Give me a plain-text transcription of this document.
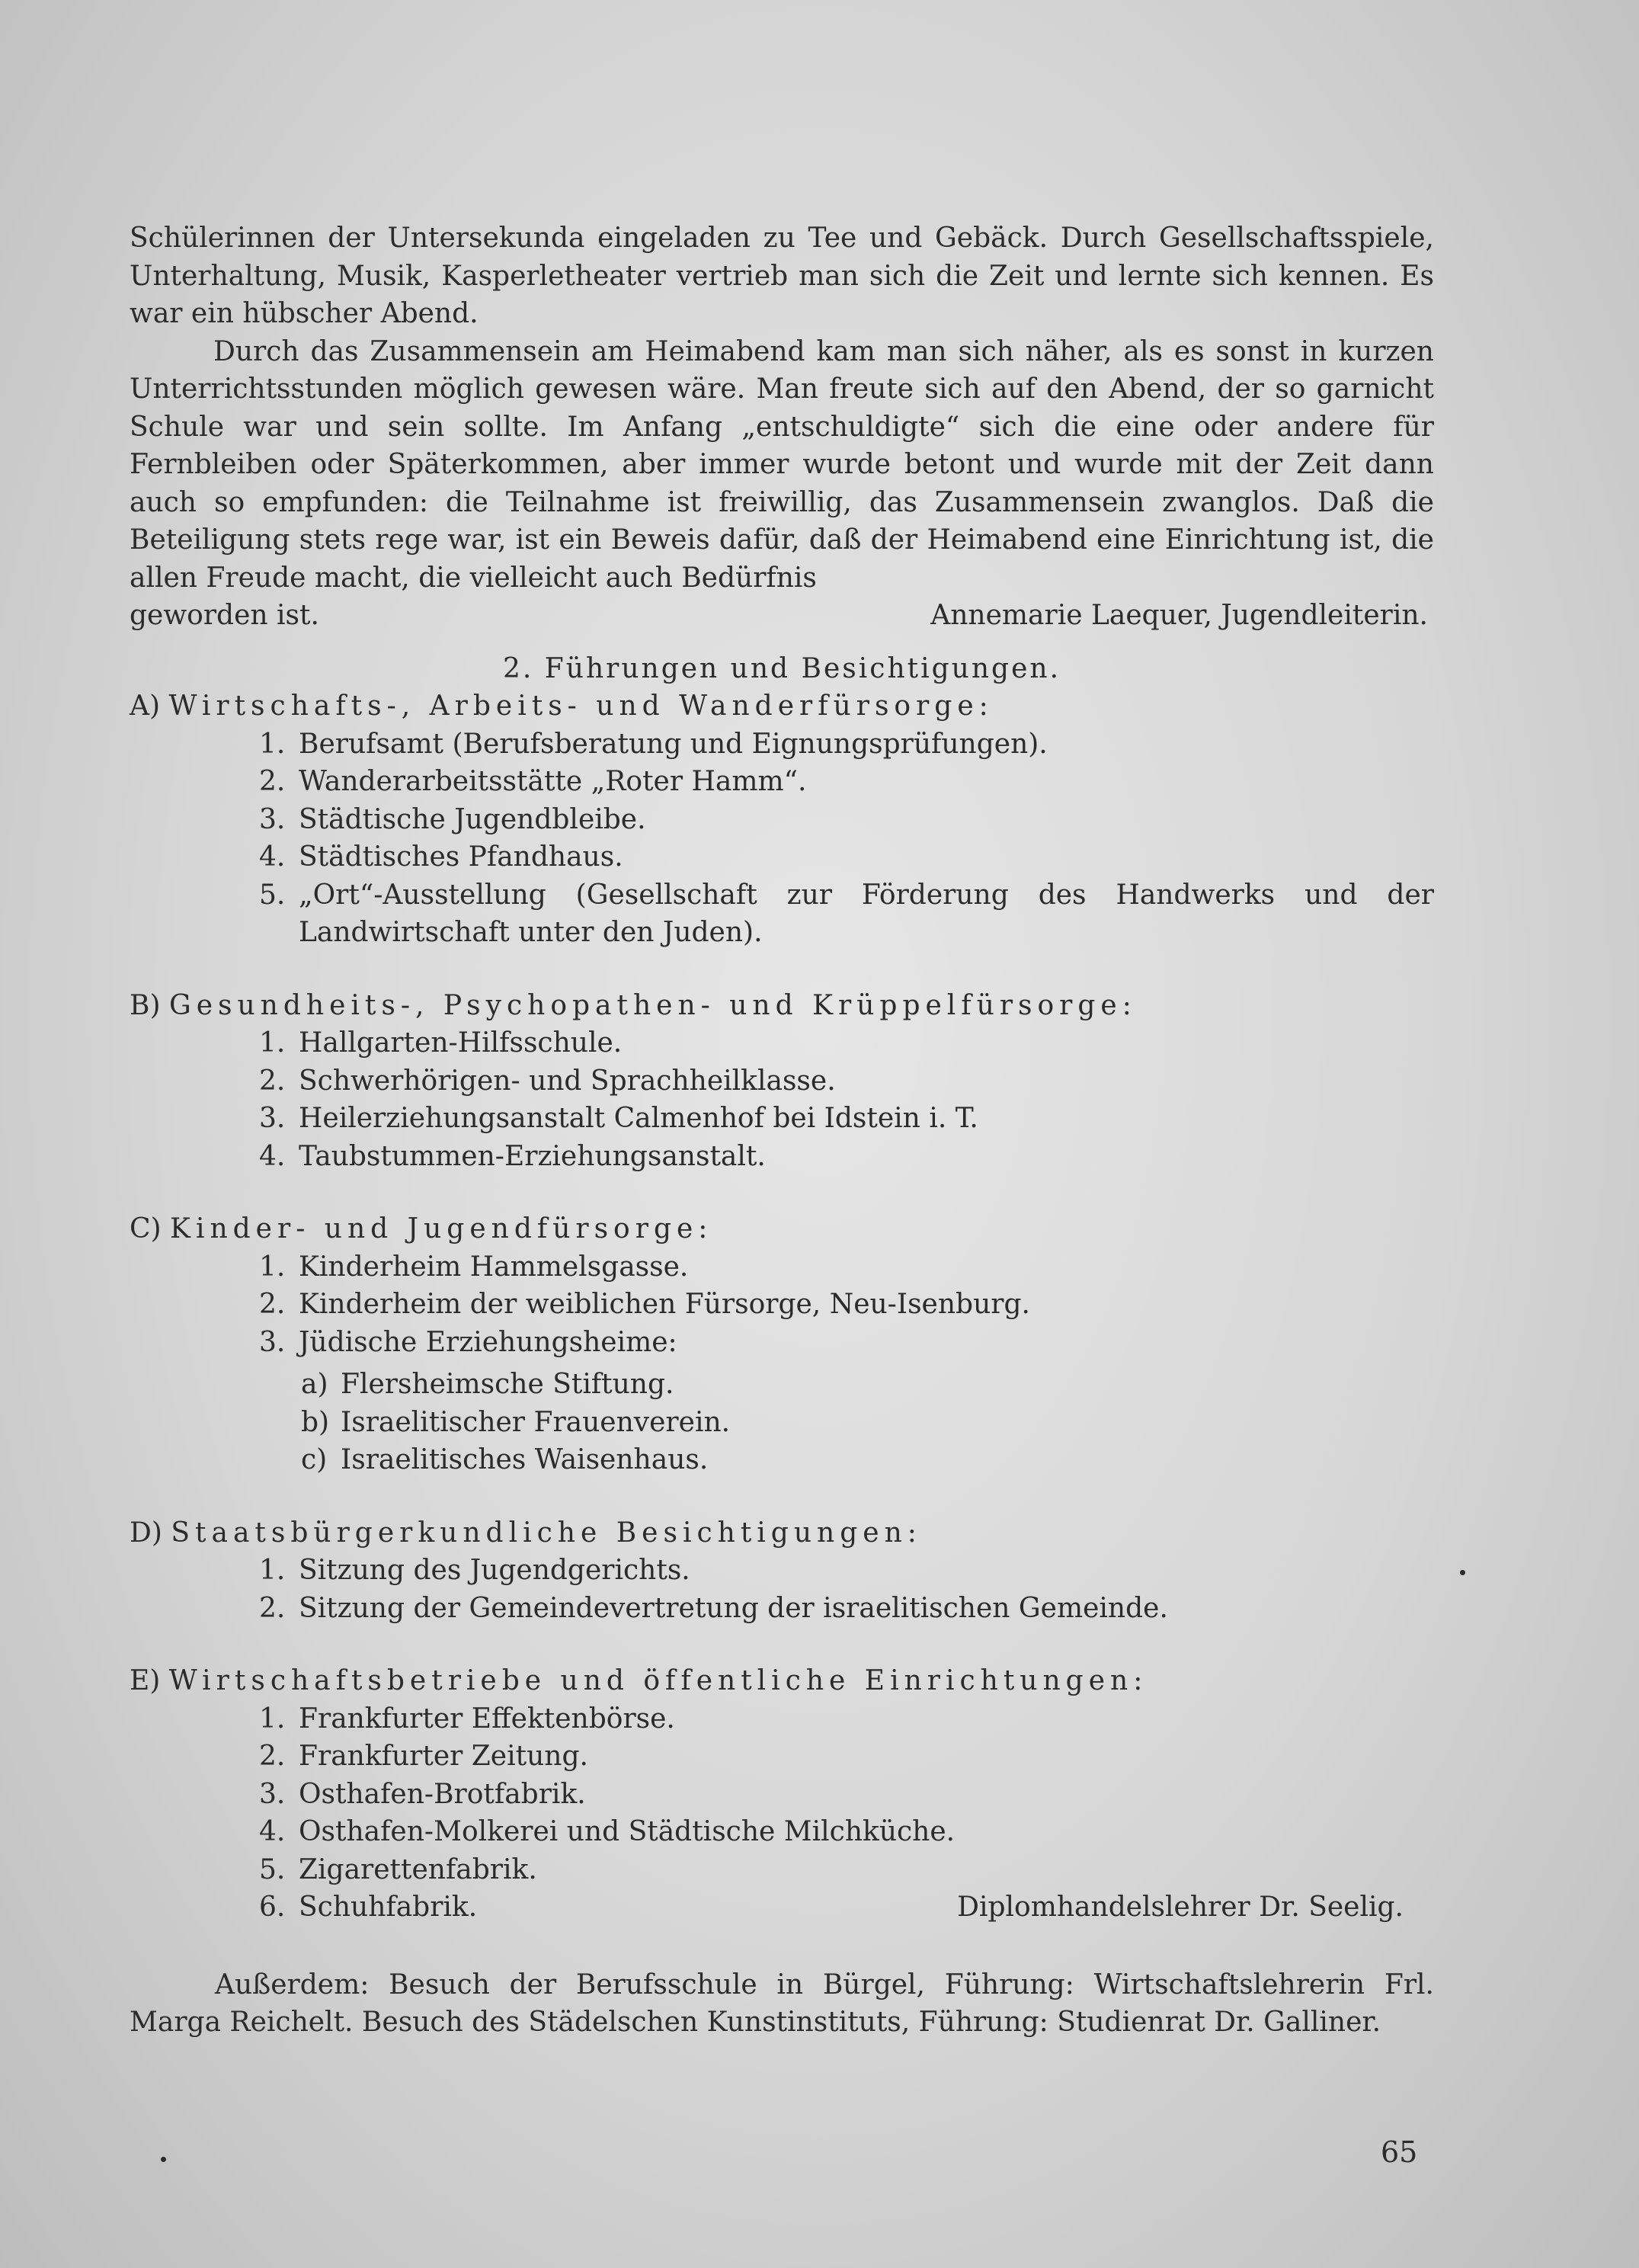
Schülerinnen der Untersekunda eingeladen zu Tee und Gebäck. Durch Gesellschaftsspiele, Unterhaltung, Musik, Kasperletheater vertrieb man sich die Zeit und lernte sich kennen. Es war ein hübscher Abend.

Durch das Zusammensein am Heimabend kam man sich näher, als es sonst in kurzen Unterrichtsstunden möglich gewesen wäre. Man freute sich auf den Abend, der so garnicht Schule war und sein sollte. Im Anfang „entschuldigte“ sich die eine oder andere für Fernbleiben oder Späterkommen, aber immer wurde betont und wurde mit der Zeit dann auch so empfunden: die Teilnahme ist freiwillig, das Zusammensein zwanglos. Daß die Beteiligung stets rege war, ist ein Beweis dafür, daß der Heimabend eine Einrichtung ist, die allen Freude macht, die vielleicht auch Bedürfnis

geworden ist.	Annemarie Laequer, Jugendleiterin.

2. Führungen und Besichtigungen.

A) Wirtschafts-, Arbeits- und Wanderfürsorge:

1. Berufsamt (Berufsberatung und Eignungsprüfungen).
2. Wanderarbeitsstätte „Roter Hamm“.
3. Städtische Jugendbleibe.
4. Städtisches Pfandhaus.
5. „Ort“-Ausstellung (Gesellschaft zur Förderung des Handwerks und der Landwirtschaft unter den Juden).

B) Gesundheits-, Psychopathen- und Krüppelfürsorge:

1. Hallgarten-Hilfsschule.
2. Schwerhörigen- und Sprachheilklasse.
3. Heilerziehungsanstalt Calmenhof bei Idstein i. T.
4. Taubstummen-Erziehungsanstalt.

C) Kinder- und Jugendfürsorge:

1. Kinderheim Hammelsgasse.
2. Kinderheim der weiblichen Fürsorge, Neu-Isenburg.
3. Jüdische Erziehungsheime:
a) Flersheimsche Stiftung.
b) Israelitischer Frauenverein.
c) Israelitisches Waisenhaus.

D) Staatsbürgerkundliche Besichtigungen:

1. Sitzung des Jugendgerichts.
2. Sitzung der Gemeindevertretung der israelitischen Gemeinde.

E) Wirtschaftsbetriebe und öffentliche Einrichtungen:

1. Frankfurter Effektenbörse.
2. Frankfurter Zeitung.
3. Osthafen-Brotfabrik.
4. Osthafen-Molkerei und Städtische Milchküche.
5. Zigarettenfabrik.
6. Schuhfabrik.	Diplomhandelslehrer Dr. Seelig.

Außerdem: Besuch der Berufsschule in Bürgel, Führung: Wirtschaftslehrerin Frl. Marga Reichelt. Besuch des Städelschen Kunstinstituts, Führung: Studienrat Dr. Galliner.

65
